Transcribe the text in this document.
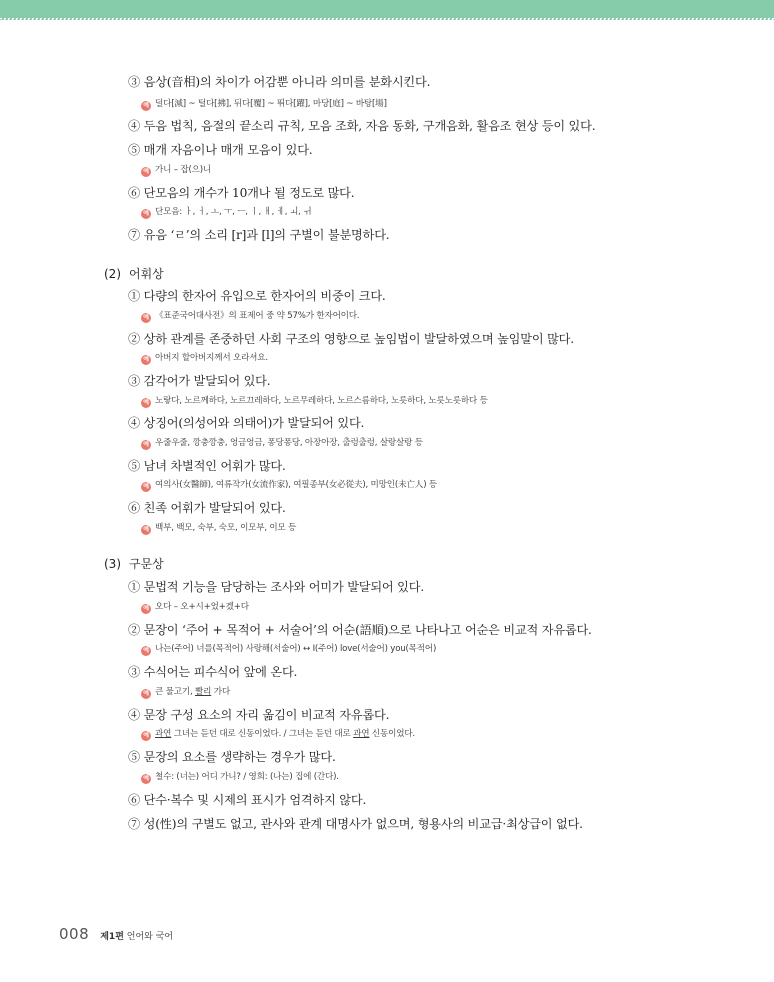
③ 음상(音相)의 차이가 어감뿐 아니라 의미를 분화시킨다.
예 덜다[減] ~ 털다[拂], 뒤다[覆] ~ 뛰다[躍], 마당[庭] ~ 바탕[場]
④ 두음 법칙, 음절의 끝소리 규칙, 모음 조화, 자음 동화, 구개음화, 활음조 현상 등이 있다.
⑤ 매개 자음이나 매개 모음이 있다.
예 가니 – 잡(으)니
⑥ 단모음의 개수가 10개나 될 정도로 많다.
예 단모음: ㅏ, ㅓ, ㅗ, ㅜ, ㅡ, ㅣ, ㅐ, ㅔ, ㅚ, ㅟ
⑦ 유음 ‘ㄹ’의 소리 [r]과 [l]의 구별이 불분명하다.
(2) 어휘상
① 다량의 한자어 유입으로 한자어의 비중이 크다.
예 《표준국어대사전》의 표제어 중 약 57%가 한자어이다.
② 상하 관계를 존중하던 사회 구조의 영향으로 높임법이 발달하였으며 높임말이 많다.
예 아버지 할아버지께서 오라셔요.
③ 감각어가 발달되어 있다.
예 노랗다, 노르께하다, 노르끄레하다, 노르무레하다, 노르스름하다, 노릇하다, 노릇노릇하다 등
④ 상징어(의성어와 의태어)가 발달되어 있다.
예 우줄우줄, 깡충깡충, 엉금엉금, 퐁당퐁당, 아장아장, 출렁출렁, 살랑살랑 등
⑤ 남녀 차별적인 어휘가 많다.
예 여의사(女醫師), 여류작가(女流作家), 여필종부(女必從夫), 미망인(未亡人) 등
⑥ 친족 어휘가 발달되어 있다.
예 백부, 백모, 숙부, 숙모, 이모부, 이모 등
(3) 구문상
① 문법적 기능을 담당하는 조사와 어미가 발달되어 있다.
예 오다 – 오+시+었+겠+다
② 문장이 ‘주어 + 목적어 + 서술어’의 어순(語順)으로 나타나고 어순은 비교적 자유롭다.
예 나는(주어) 너를(목적어) 사랑해(서술어) ↔ I(주어) love(서술어) you(목적어)
③ 수식어는 피수식어 앞에 온다.
예 큰 물고기, 빨리 가다
④ 문장 구성 요소의 자리 옮김이 비교적 자유롭다.
예 과연 그녀는 듣던 대로 신동이었다. / 그녀는 듣던 대로 과연 신동이었다.
⑤ 문장의 요소를 생략하는 경우가 많다.
예 철수: (너는) 어디 가니? / 영희: (나는) 집에 (간다).
⑥ 단수·복수 및 시제의 표시가 엄격하지 않다.
⑦ 성(性)의 구별도 없고, 관사와 관계 대명사가 없으며, 형용사의 비교급·최상급이 없다.
008 제1편 언어와 국어
